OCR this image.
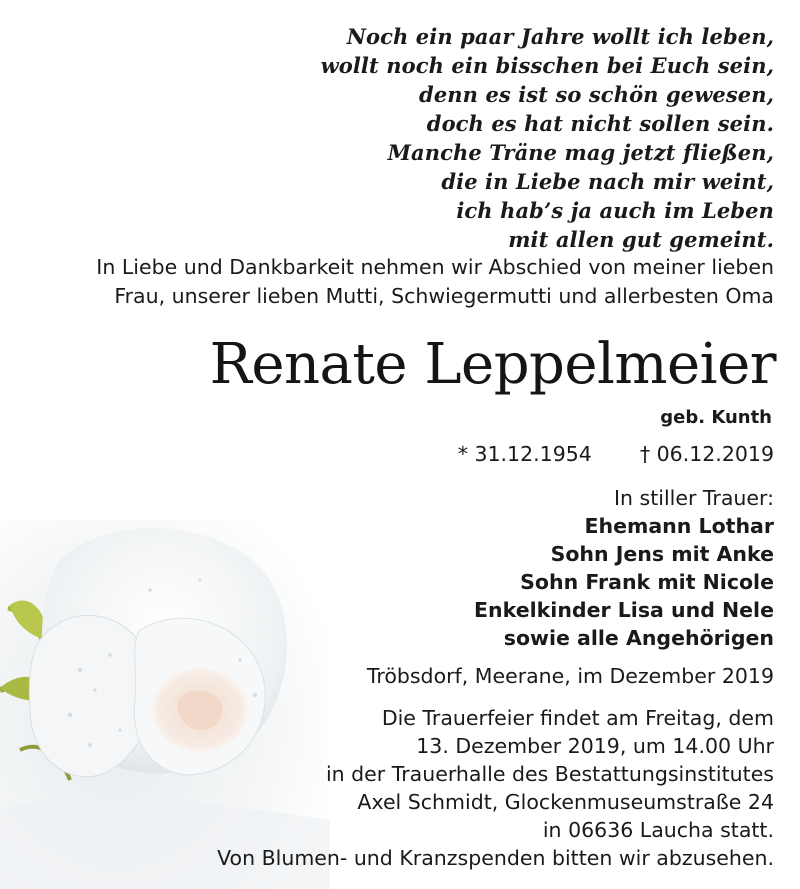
Noch ein paar Jahre wollt ich leben,
wollt noch ein bisschen bei Euch sein,
denn es ist so schön gewesen,
doch es hat nicht sollen sein.
Manche Träne mag jetzt fließen,
die in Liebe nach mir weint,
ich hab’s ja auch im Leben
mit allen gut gemeint.
In Liebe und Dankbarkeit nehmen wir Abschied von meiner lieben
Frau, unserer lieben Mutti, Schwiegermutti und allerbesten Oma
Renate Leppelmeier
geb. Kunth
* 31.12.1954 † 06.12.2019
In stiller Trauer:
Ehemann Lothar
Sohn Jens mit Anke
Sohn Frank mit Nicole
Enkelkinder Lisa und Nele
sowie alle Angehörigen
Tröbsdorf, Meerane, im Dezember 2019
Die Trauerfeier findet am Freitag, dem
13. Dezember 2019, um 14.00 Uhr
in der Trauerhalle des Bestattungsinstitutes
Axel Schmidt, Glockenmuseumstraße 24
in 06636 Laucha statt.
Von Blumen- und Kranzspenden bitten wir abzusehen.
